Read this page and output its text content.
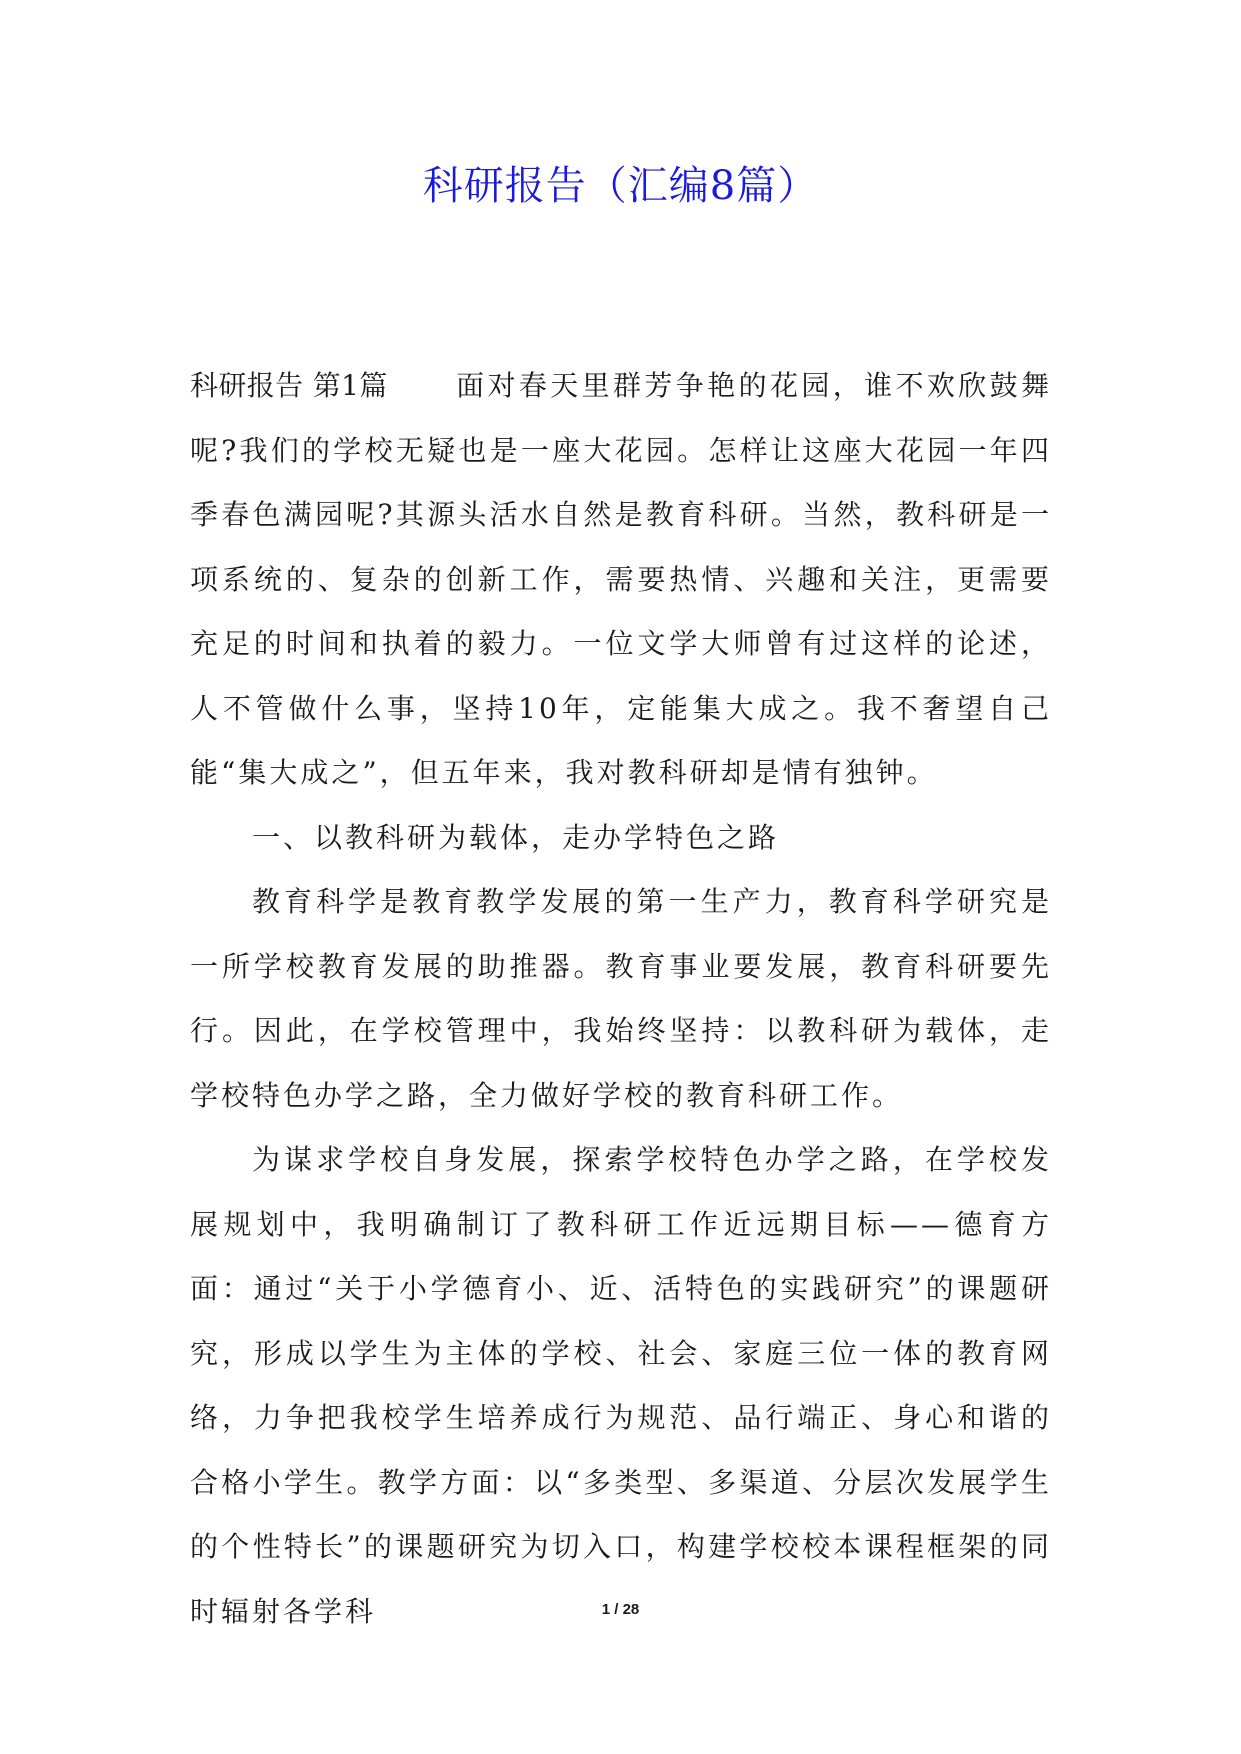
科研报告（汇编8篇）

科研报告 第1篇 面对春天里群芳争艳的花园，谁不欢欣鼓舞呢?我们的学校无疑也是一座大花园。怎样让这座大花园一年四季春色满园呢?其源头活水自然是教育科研。当然，教科研是一项系统的、复杂的创新工作，需要热情、兴趣和关注，更需要充足的时间和执着的毅力。一位文学大师曾有过这样的论述，人不管做什么事，坚持10年，定能集大成之。我不奢望自己能“集大成之”，但五年来，我对教科研却是情有独钟。

一、以教科研为载体，走办学特色之路

教育科学是教育教学发展的第一生产力，教育科学研究是一所学校教育发展的助推器。教育事业要发展，教育科研要先行。因此，在学校管理中，我始终坚持：以教科研为载体，走学校特色办学之路，全力做好学校的教育科研工作。

为谋求学校自身发展，探索学校特色办学之路，在学校发展规划中，我明确制订了教科研工作近远期目标——德育方面：通过“关于小学德育小、近、活特色的实践研究”的课题研究，形成以学生为主体的学校、社会、家庭三位一体的教育网络，力争把我校学生培养成行为规范、品行端正、身心和谐的合格小学生。教学方面：以“多类型、多渠道、分层次发展学生的个性特长”的课题研究为切入口，构建学校校本课程框架的同时辐射各学科	1 / 28
